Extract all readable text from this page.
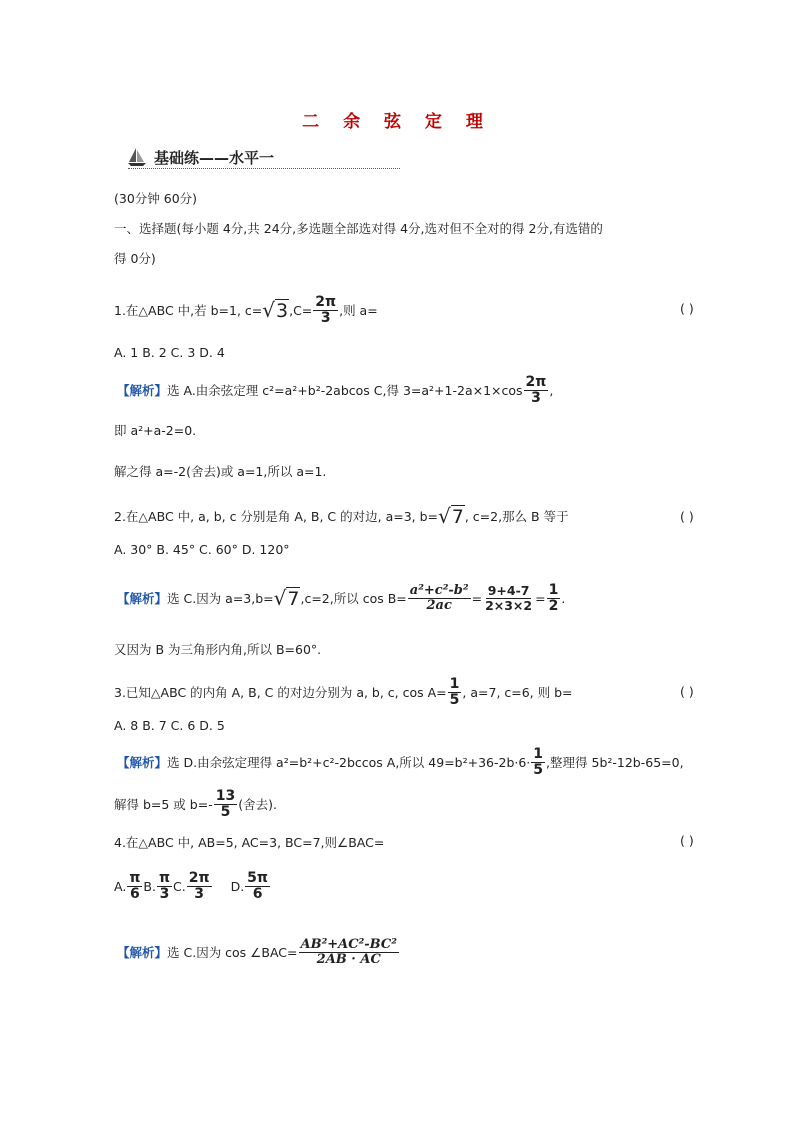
二 余 弦 定 理
基础练——水平一
(30分钟 60分)
一、选择题(每小题 4分,共 24分,多选题全部选对得 4分,选对但不全对的得 2分,有选错的
得 0分)
1.在△ABC 中,若 b=1, c= √3 $,C= \frac{2\pi}{3}$ ,则 a=	( )
A. 1 B. 2 C. 3 D. 4
【解析】 选 A.由余弦定理 c²=a²+b²-2abcos C,得 $3=a^2+1-2a\times 1\times\cos \frac{2\pi}{3}$ ,
即 a²+a-2=0.
解之得 a=-2(舍去)或 a=1,所以 a=1.
2.在△ABC 中, a, b, c 分别是角 A, B, C 的对边, a=3, b= √7 , c=2,那么 B 等于	( )
A. 30° B. 45° C. 60° D. 120°
【解析】 选 C.因为 a=3,b= √7 ,c=2,所以 $\cos B= \frac{\text{a²+c²-b²}}{2ac} = \frac{9+4-7}{2\times 3\times 2} = \frac{1}{2}$ .
又因为 B 为三角形内角,所以 B=60°.
3.已知△ABC 的内角 A, B, C 的对边分别为 a, b, c, $\cos A= \frac{1}{5}$ , a=7, c=6, 则 b=	( )
A. 8 B. 7 C. 6 D. 5
【解析】 选 D.由余弦定理得 a²=b²+c²-2bccos A,所以 $49=b^2+36-2b\cdot 6\cdot \frac{1}{5}$ ,整理得 5b²-12b-65=0,
解得 b=5 或 $b=- \frac{13}{5}$ (舍去).
4.在△ABC 中, AB=5, AC=3, BC=7,则∠BAC=	( )
A. $\frac{\pi}{6} B$. $\frac{\pi}{3} C$. $\frac{2\pi}{3} D$. $\frac{5\pi}{6}$
【解析】 选 C.因为 cos ∠BAC= $\frac{\text{AB²+AC²-BC²}}{2AB \cdot AC}$
